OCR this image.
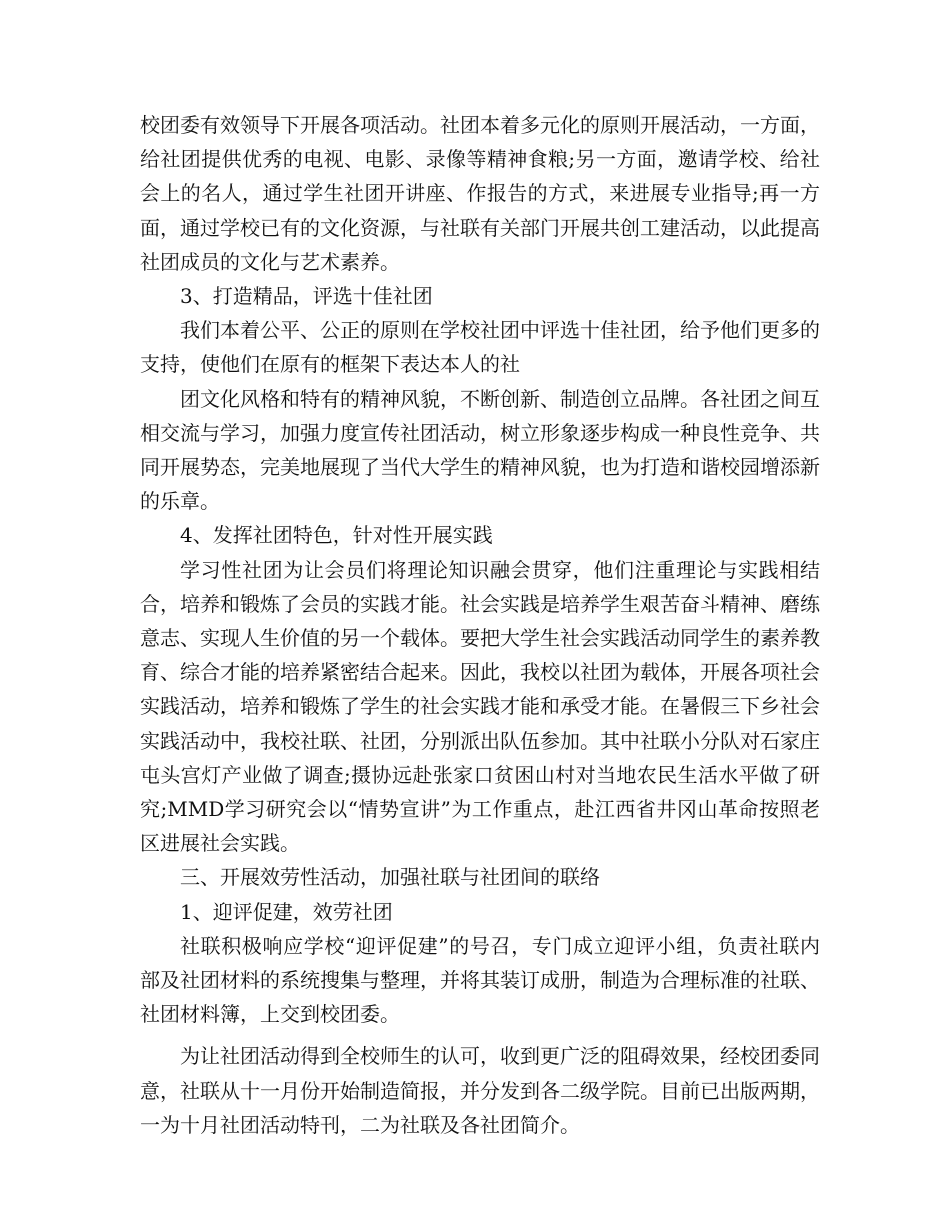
校团委有效领导下开展各项活动。社团本着多元化的原则开展活动，一方面，给社团提供优秀的电视、电影、录像等精神食粮;另一方面，邀请学校、给社会上的名人，通过学生社团开讲座、作报告的方式，来进展专业指导;再一方面，通过学校已有的文化资源，与社联有关部门开展共创工建活动，以此提高社团成员的文化与艺术素养。

3、打造精品，评选十佳社团

我们本着公平、公正的原则在学校社团中评选十佳社团，给予他们更多的支持，使他们在原有的框架下表达本人的社

团文化风格和特有的精神风貌，不断创新、制造创立品牌。各社团之间互相交流与学习，加强力度宣传社团活动，树立形象逐步构成一种良性竞争、共同开展势态，完美地展现了当代大学生的精神风貌，也为打造和谐校园增添新的乐章。

4、发挥社团特色，针对性开展实践

学习性社团为让会员们将理论知识融会贯穿，他们注重理论与实践相结合，培养和锻炼了会员的实践才能。社会实践是培养学生艰苦奋斗精神、磨练意志、实现人生价值的另一个载体。要把大学生社会实践活动同学生的素养教育、综合才能的培养紧密结合起来。因此，我校以社团为载体，开展各项社会实践活动，培养和锻炼了学生的社会实践才能和承受才能。在暑假三下乡社会实践活动中，我校社联、社团，分别派出队伍参加。其中社联小分队对石家庄屯头宫灯产业做了调查;摄协远赴张家口贫困山村对当地农民生活水平做了研究;MMD学习研究会以“情势宣讲”为工作重点，赴江西省井冈山革命按照老区进展社会实践。

三、开展效劳性活动，加强社联与社团间的联络

1、迎评促建，效劳社团

社联积极响应学校“迎评促建”的号召，专门成立迎评小组，负责社联内部及社团材料的系统搜集与整理，并将其装订成册，制造为合理标准的社联、社团材料簿，上交到校团委。

为让社团活动得到全校师生的认可，收到更广泛的阻碍效果，经校团委同意，社联从十一月份开始制造简报，并分发到各二级学院。目前已出版两期，一为十月社团活动特刊，二为社联及各社团简介。
